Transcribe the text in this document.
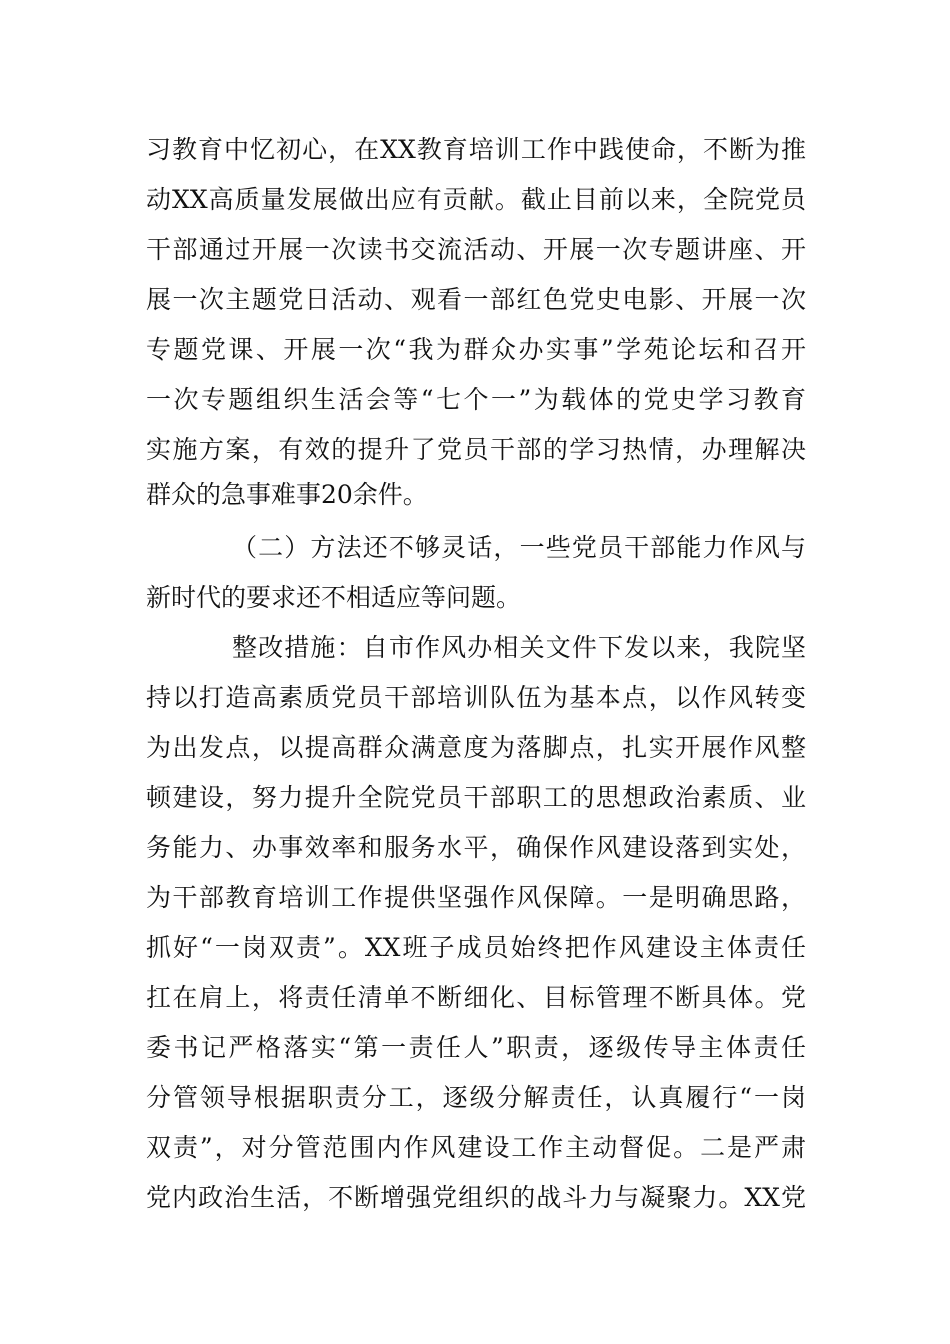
习教育中忆初心，在XX教育培训工作中践使命，不断为推
动XX高质量发展做出应有贡献。截止目前以来，全院党员
干部通过开展一次读书交流活动、开展一次专题讲座、开
展一次主题党日活动、观看一部红色党史电影、开展一次
专题党课、开展一次“我为群众办实事”学苑论坛和召开
一次专题组织生活会等“七个一”为载体的党史学习教育
实施方案，有效的提升了党员干部的学习热情，办理解决
群众的急事难事20余件。
（二）方法还不够灵话，一些党员干部能力作风与
新时代的要求还不相适应等问题。
整改措施：自市作风办相关文件下发以来，我院坚
持以打造高素质党员干部培训队伍为基本点，以作风转变
为出发点，以提高群众满意度为落脚点，扎实开展作风整
顿建设，努力提升全院党员干部职工的思想政治素质、业
务能力、办事效率和服务水平，确保作风建设落到实处，
为干部教育培训工作提供坚强作风保障。一是明确思路，
抓好“一岗双责”。XX班子成员始终把作风建设主体责任
扛在肩上，将责任清单不断细化、目标管理不断具体。党
委书记严格落实“第一责任人”职责，逐级传导主体责任
分管领导根据职责分工，逐级分解责任，认真履行“一岗
双责”，对分管范围内作风建设工作主动督促。二是严肃
党内政治生活，不断增强党组织的战斗力与凝聚力。XX党
